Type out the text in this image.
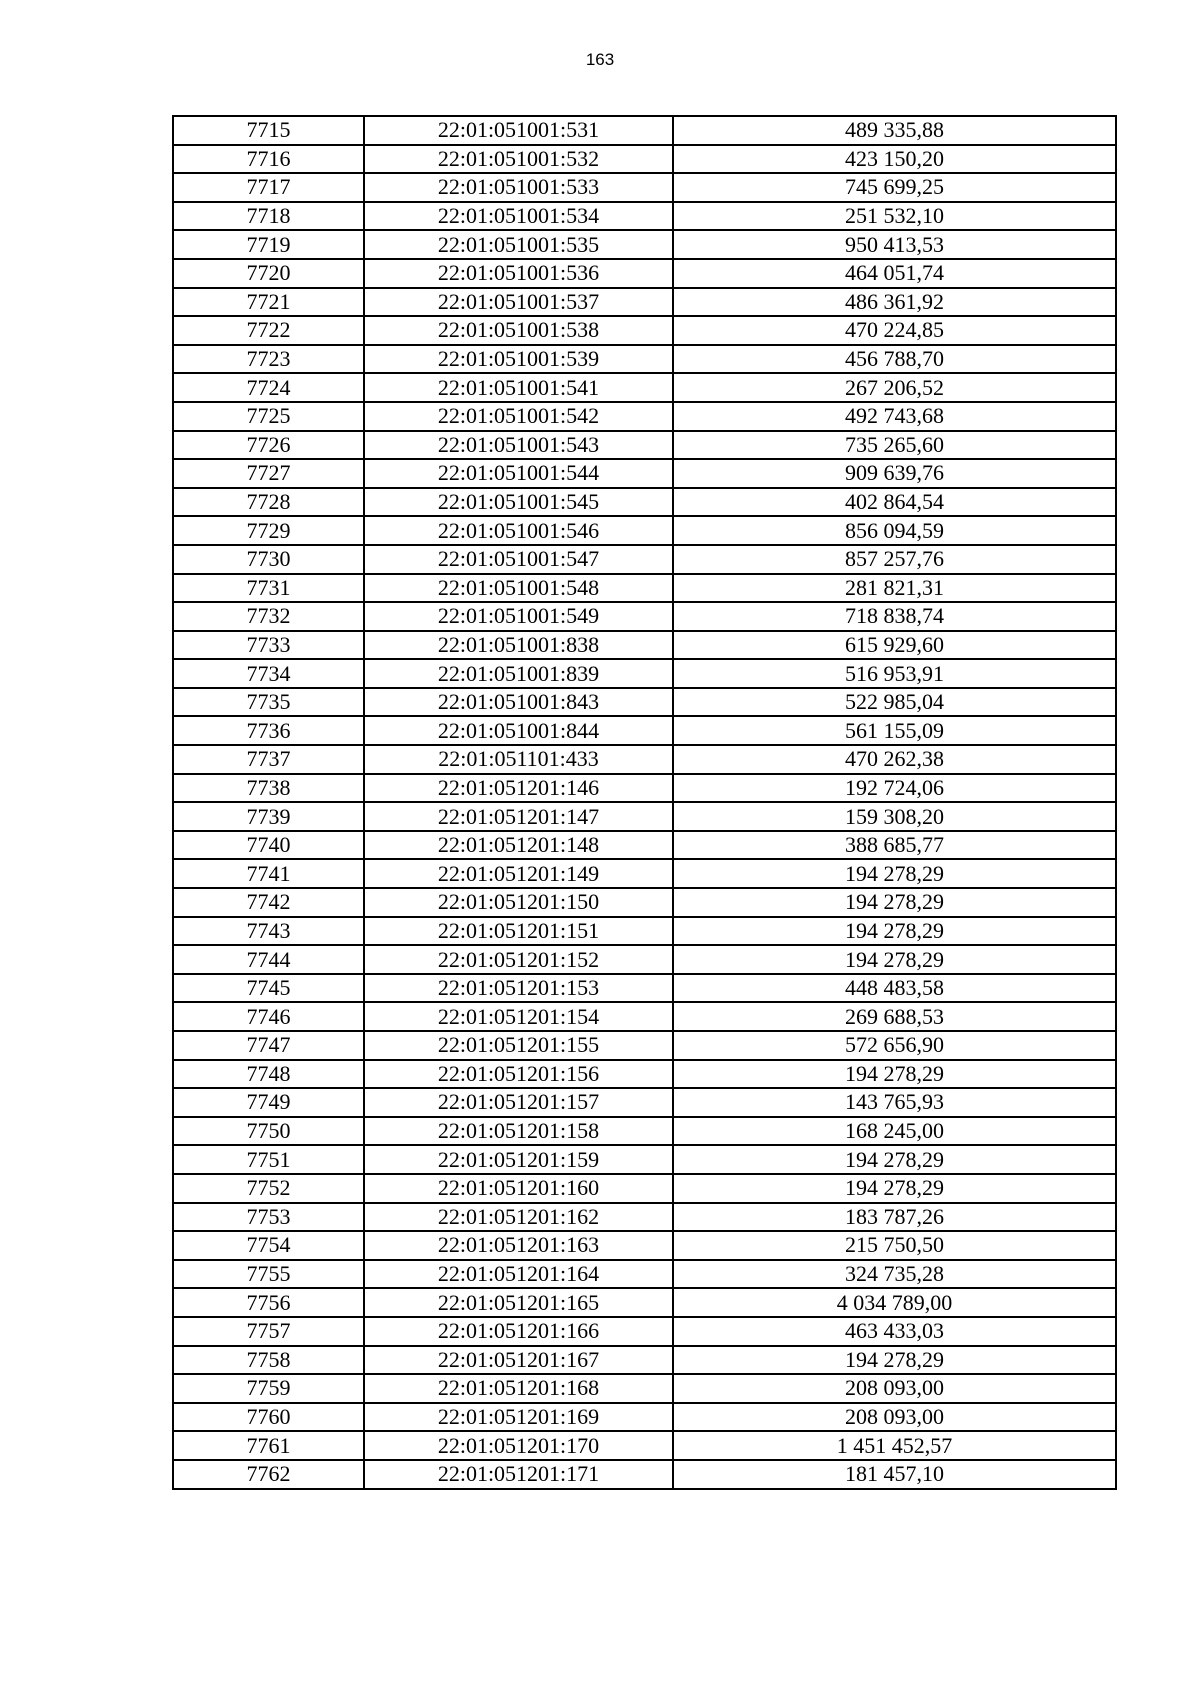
163
7715	22:01:051001:531	489 335,88
7716	22:01:051001:532	423 150,20
7717	22:01:051001:533	745 699,25
7718	22:01:051001:534	251 532,10
7719	22:01:051001:535	950 413,53
7720	22:01:051001:536	464 051,74
7721	22:01:051001:537	486 361,92
7722	22:01:051001:538	470 224,85
7723	22:01:051001:539	456 788,70
7724	22:01:051001:541	267 206,52
7725	22:01:051001:542	492 743,68
7726	22:01:051001:543	735 265,60
7727	22:01:051001:544	909 639,76
7728	22:01:051001:545	402 864,54
7729	22:01:051001:546	856 094,59
7730	22:01:051001:547	857 257,76
7731	22:01:051001:548	281 821,31
7732	22:01:051001:549	718 838,74
7733	22:01:051001:838	615 929,60
7734	22:01:051001:839	516 953,91
7735	22:01:051001:843	522 985,04
7736	22:01:051001:844	561 155,09
7737	22:01:051101:433	470 262,38
7738	22:01:051201:146	192 724,06
7739	22:01:051201:147	159 308,20
7740	22:01:051201:148	388 685,77
7741	22:01:051201:149	194 278,29
7742	22:01:051201:150	194 278,29
7743	22:01:051201:151	194 278,29
7744	22:01:051201:152	194 278,29
7745	22:01:051201:153	448 483,58
7746	22:01:051201:154	269 688,53
7747	22:01:051201:155	572 656,90
7748	22:01:051201:156	194 278,29
7749	22:01:051201:157	143 765,93
7750	22:01:051201:158	168 245,00
7751	22:01:051201:159	194 278,29
7752	22:01:051201:160	194 278,29
7753	22:01:051201:162	183 787,26
7754	22:01:051201:163	215 750,50
7755	22:01:051201:164	324 735,28
7756	22:01:051201:165	4 034 789,00
7757	22:01:051201:166	463 433,03
7758	22:01:051201:167	194 278,29
7759	22:01:051201:168	208 093,00
7760	22:01:051201:169	208 093,00
7761	22:01:051201:170	1 451 452,57
7762	22:01:051201:171	181 457,10
